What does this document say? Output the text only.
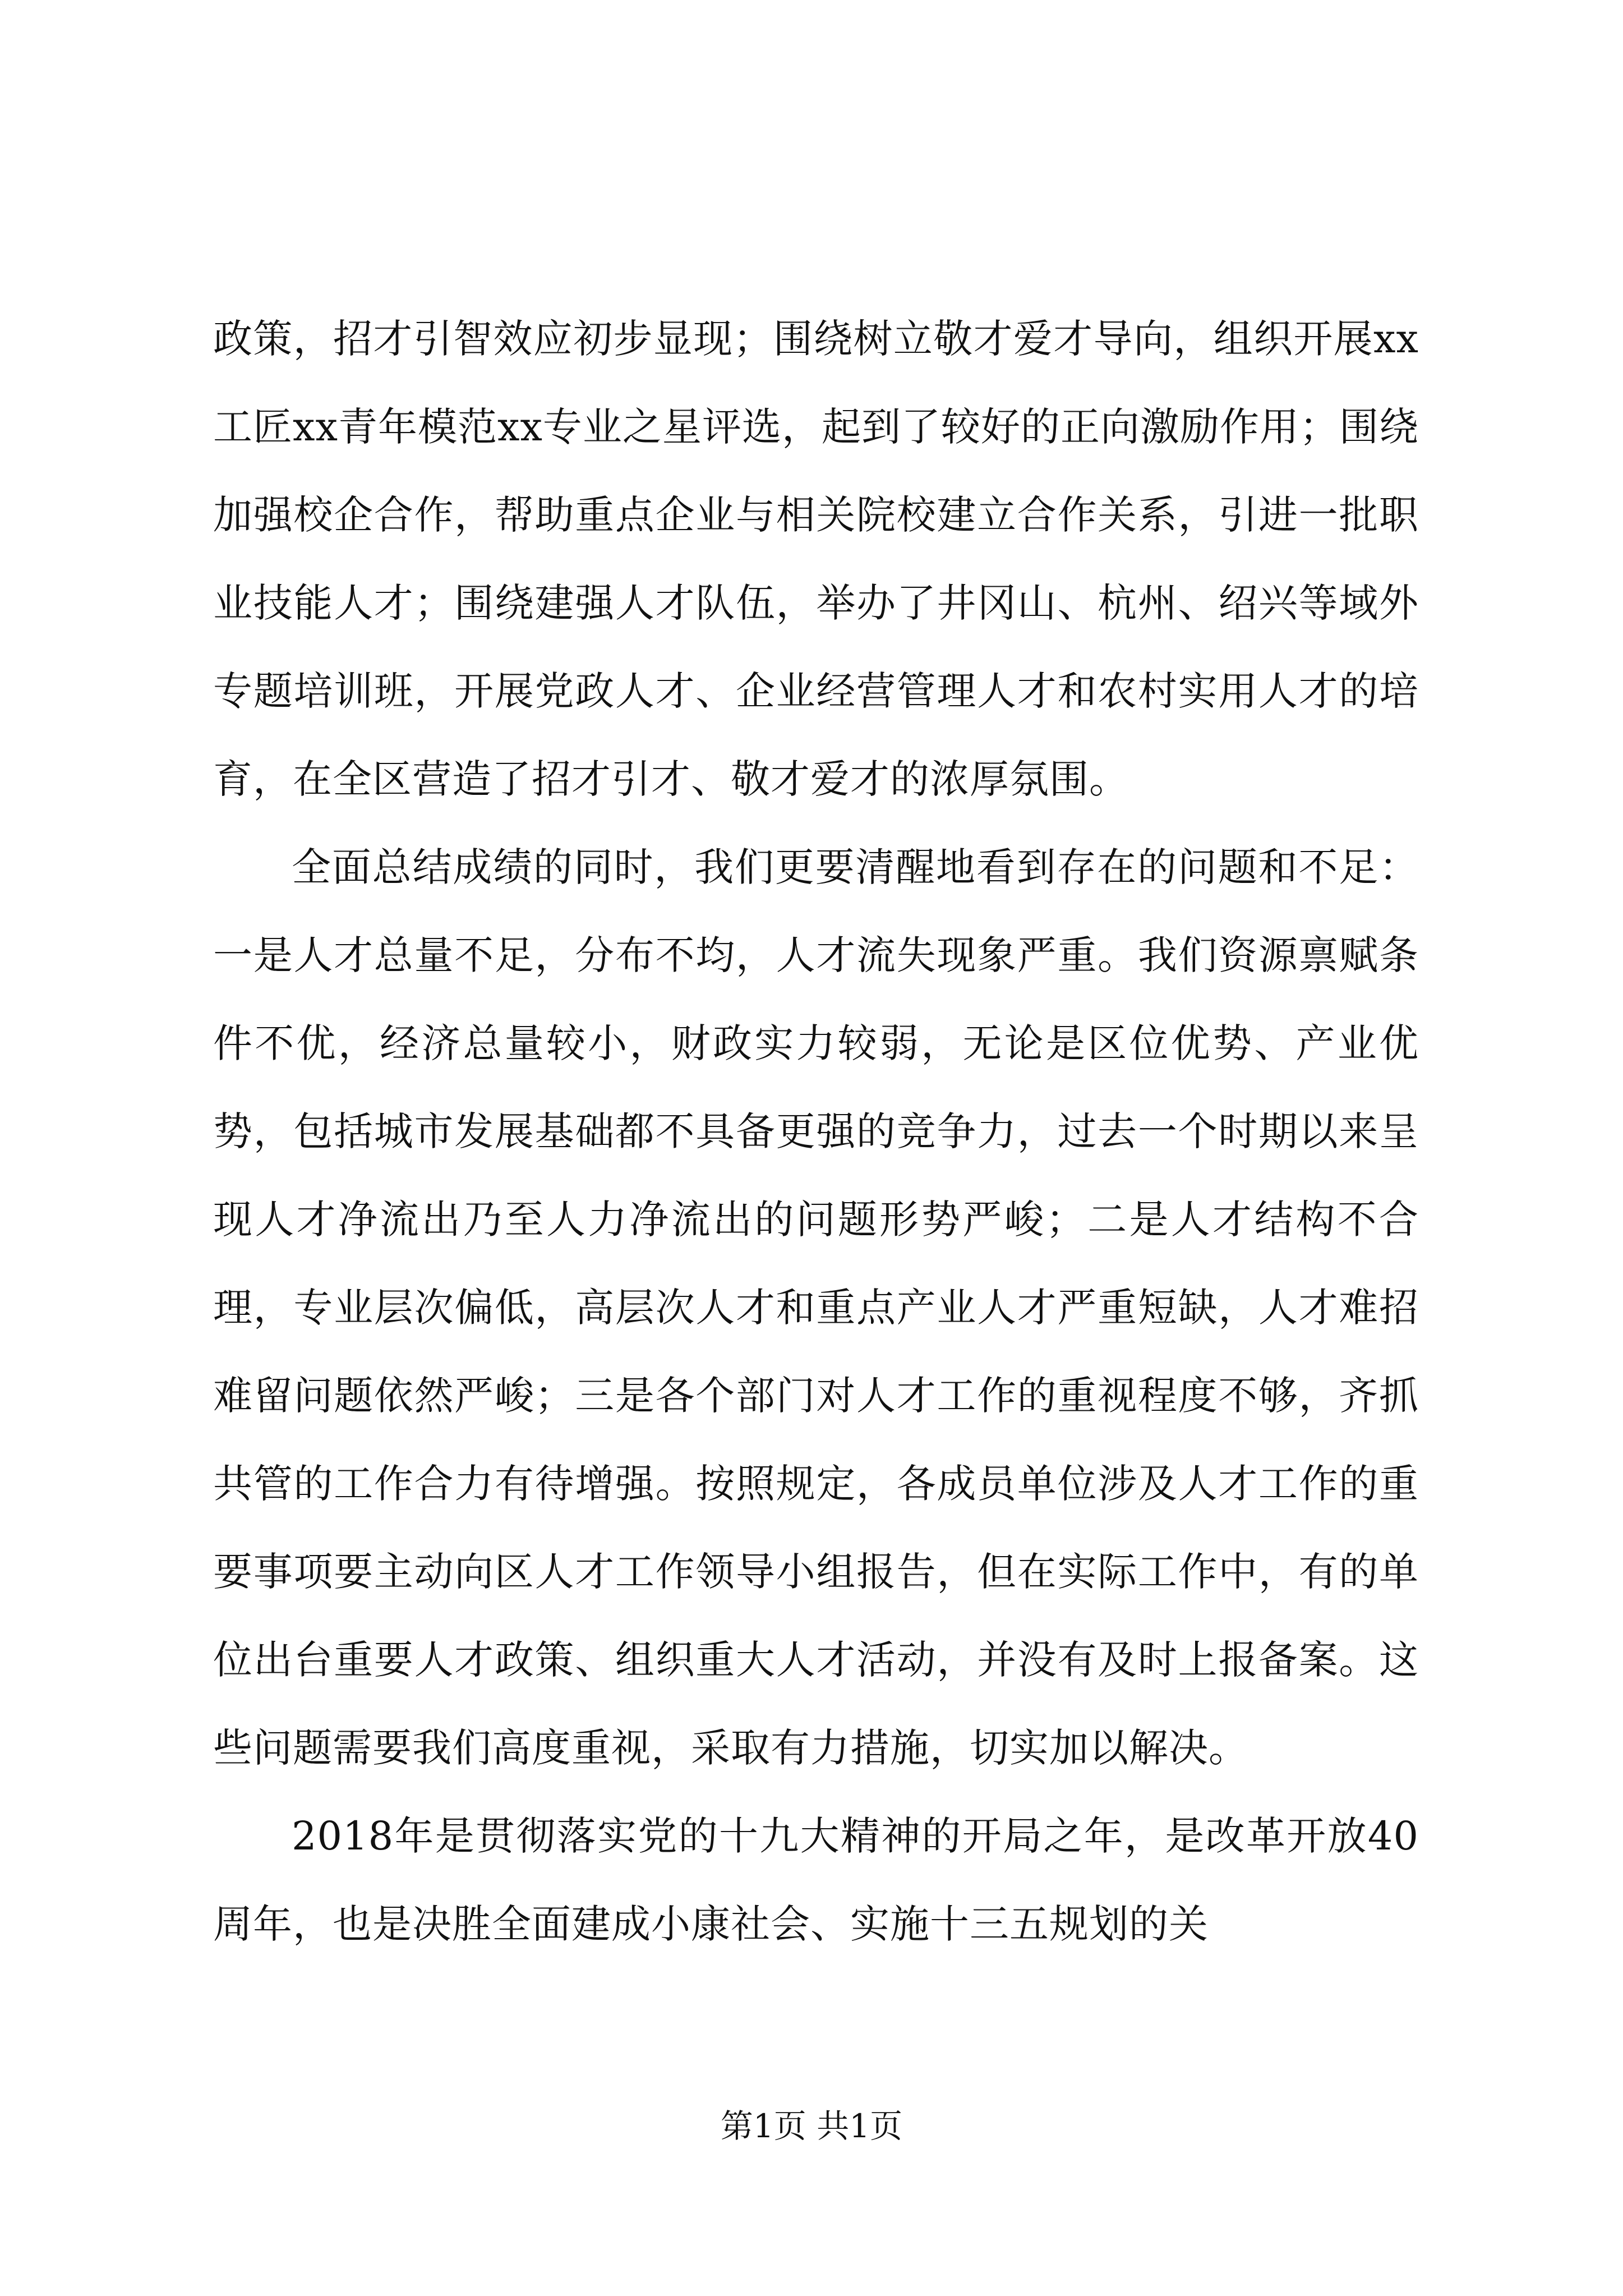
政策，招才引智效应初步显现；围绕树立敬才爱才导向，组织开展xx工匠xx青年模范xx专业之星评选，起到了较好的正向激励作用；围绕加强校企合作，帮助重点企业与相关院校建立合作关系，引进一批职业技能人才；围绕建强人才队伍，举办了井冈山、杭州、绍兴等域外专题培训班，开展党政人才、企业经营管理人才和农村实用人才的培育，在全区营造了招才引才、敬才爱才的浓厚氛围。

全面总结成绩的同时，我们更要清醒地看到存在的问题和不足：一是人才总量不足，分布不均，人才流失现象严重。我们资源禀赋条件不优，经济总量较小，财政实力较弱，无论是区位优势、产业优势，包括城市发展基础都不具备更强的竞争力，过去一个时期以来呈现人才净流出乃至人力净流出的问题形势严峻；二是人才结构不合理，专业层次偏低，高层次人才和重点产业人才严重短缺，人才难招难留问题依然严峻；三是各个部门对人才工作的重视程度不够，齐抓共管的工作合力有待增强。按照规定，各成员单位涉及人才工作的重要事项要主动向区人才工作领导小组报告，但在实际工作中，有的单位出台重要人才政策、组织重大人才活动，并没有及时上报备案。这些问题需要我们高度重视，采取有力措施，切实加以解决。

2018年是贯彻落实党的十九大精神的开局之年，是改革开放40周年，也是决胜全面建成小康社会、实施十三五规划的关

第1页 共1页
